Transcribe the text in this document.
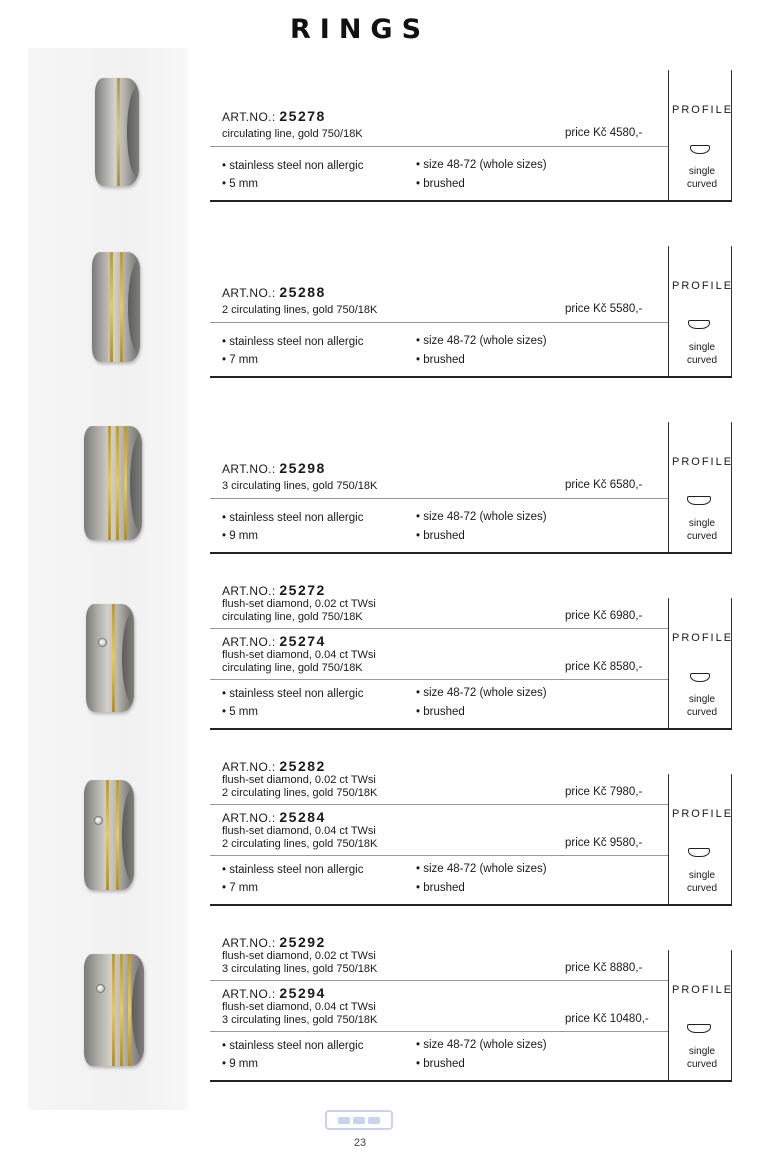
RINGS
ART.NO.: 25278
circulating line, gold 750/18K	price Kč 4580,-
• stainless steel non allergic	• size 48-72 (whole sizes)
• 5 mm	• brushed
PROFILE
single
curved
ART.NO.: 25288
2 circulating lines, gold 750/18K	price Kč 5580,-
• stainless steel non allergic	• size 48-72 (whole sizes)
• 7 mm	• brushed
PROFILE
single
curved
ART.NO.: 25298
3 circulating lines, gold 750/18K	price Kč 6580,-
• stainless steel non allergic	• size 48-72 (whole sizes)
• 9 mm	• brushed
PROFILE
single
curved
ART.NO.: 25272
flush-set diamond, 0.02 ct TWsi
circulating line, gold 750/18K	price Kč 6980,-
ART.NO.: 25274
flush-set diamond, 0.04 ct TWsi
circulating line, gold 750/18K	price Kč 8580,-
• stainless steel non allergic	• size 48-72 (whole sizes)
• 5 mm	• brushed
PROFILE
single
curved
ART.NO.: 25282
flush-set diamond, 0.02 ct TWsi
2 circulating lines, gold 750/18K	price Kč 7980,-
ART.NO.: 25284
flush-set diamond, 0.04 ct TWsi
2 circulating lines, gold 750/18K	price Kč 9580,-
• stainless steel non allergic	• size 48-72 (whole sizes)
• 7 mm	• brushed
PROFILE
single
curved
ART.NO.: 25292
flush-set diamond, 0.02 ct TWsi
3 circulating lines, gold 750/18K	price Kč 8880,-
ART.NO.: 25294
flush-set diamond, 0.04 ct TWsi
3 circulating lines, gold 750/18K	price Kč 10480,-
• stainless steel non allergic	• size 48-72 (whole sizes)
• 9 mm	• brushed
PROFILE
single
curved
23
